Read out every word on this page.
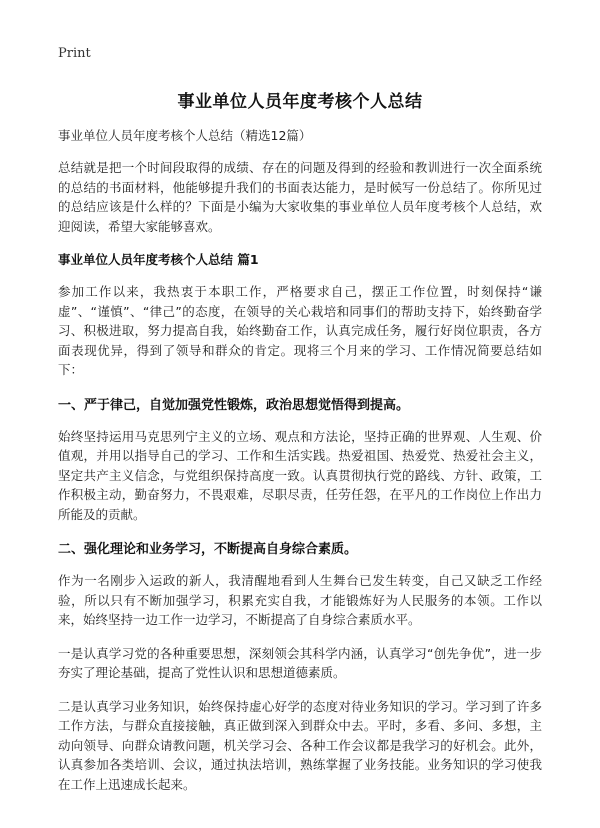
Print
事业单位人员年度考核个人总结
事业单位人员年度考核个人总结（精选12篇）

总结就是把一个时间段取得的成绩、存在的问题及得到的经验和教训进行一次全面系统的总结的书面材料，他能够提升我们的书面表达能力，是时候写一份总结了。你所见过的总结应该是什么样的？下面是小编为大家收集的事业单位人员年度考核个人总结，欢迎阅读，希望大家能够喜欢。

事业单位人员年度考核个人总结 篇1

参加工作以来，我热衷于本职工作，严格要求自己，摆正工作位置，时刻保持“谦虚”、“谨慎”、“律己”的态度，在领导的关心栽培和同事们的帮助支持下，始终勤奋学习、积极进取，努力提高自我，始终勤奋工作，认真完成任务，履行好岗位职责，各方面表现优异，得到了领导和群众的肯定。现将三个月来的学习、工作情况简要总结如下：

一、严于律己，自觉加强党性锻炼，政治思想觉悟得到提高。

始终坚持运用马克思列宁主义的立场、观点和方法论，坚持正确的世界观、人生观、价值观，并用以指导自己的学习、工作和生活实践。热爱祖国、热爱党、热爱社会主义，坚定共产主义信念，与党组织保持高度一致。认真贯彻执行党的路线、方针、政策，工作积极主动，勤奋努力，不畏艰难，尽职尽责，任劳任怨，在平凡的工作岗位上作出力所能及的贡献。

二、强化理论和业务学习，不断提高自身综合素质。

作为一名刚步入运政的新人，我清醒地看到人生舞台已发生转变，自己又缺乏工作经验，所以只有不断加强学习，积累充实自我，才能锻炼好为人民服务的本领。工作以来，始终坚持一边工作一边学习，不断提高了自身综合素质水平。

一是认真学习党的各种重要思想，深刻领会其科学内涵，认真学习“创先争优”，进一步夯实了理论基础，提高了党性认识和思想道德素质。

二是认真学习业务知识，始终保持虚心好学的态度对待业务知识的学习。学习到了许多工作方法，与群众直接接触，真正做到深入到群众中去。平时，多看、多问、多想，主动向领导、向群众请教问题，机关学习会、各种工作会议都是我学习的好机会。此外，认真参加各类培训、会议，通过执法培训，熟练掌握了业务技能。业务知识的学习使我在工作上迅速成长起来。
